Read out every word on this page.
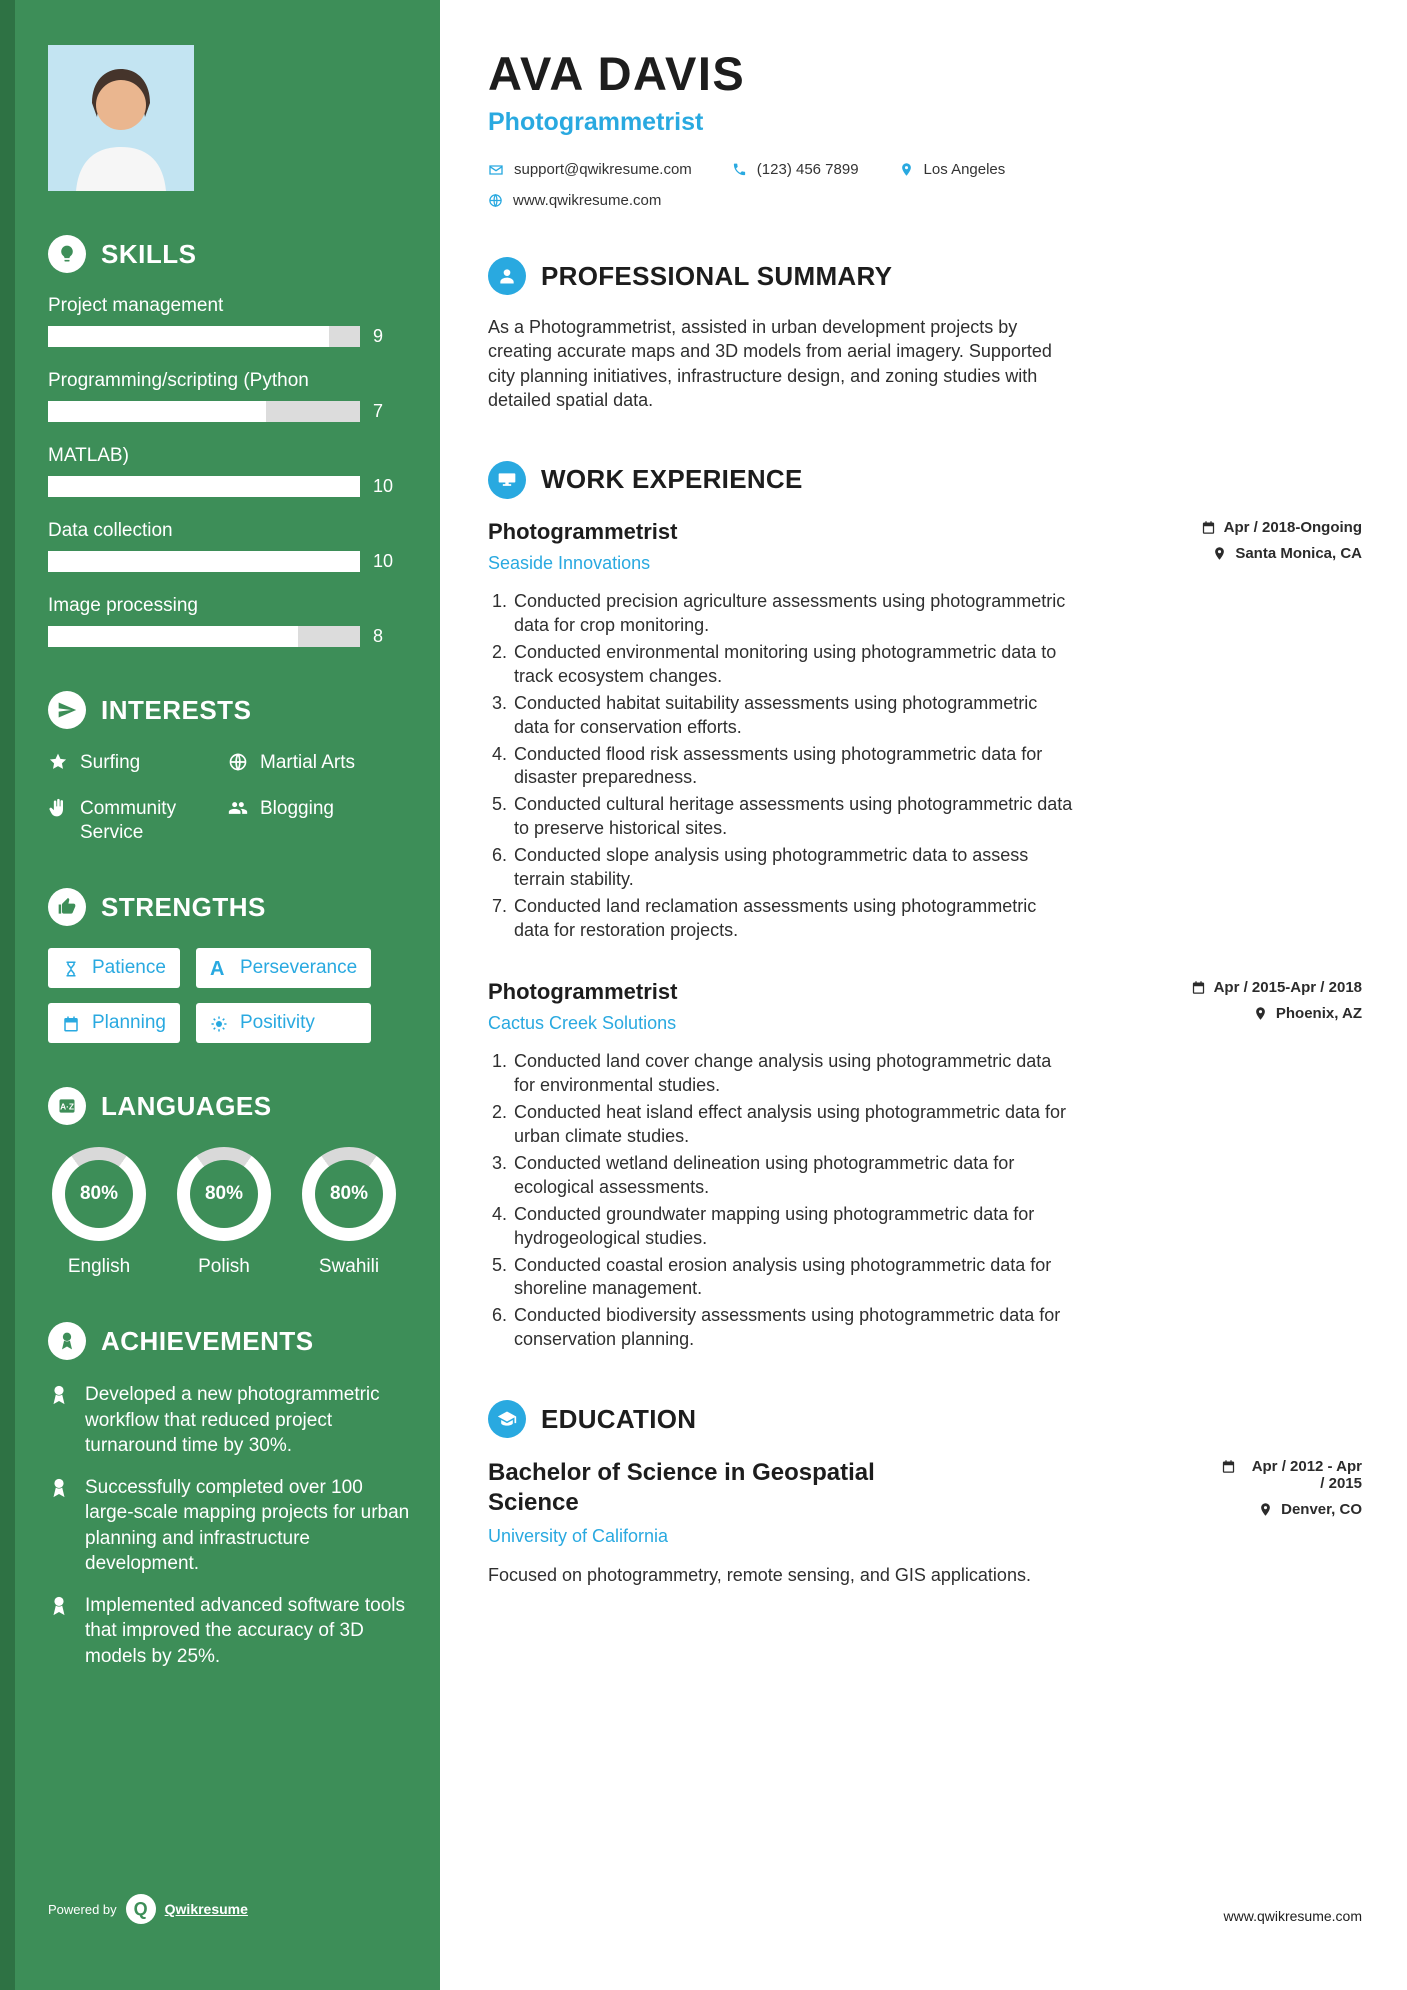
SKILLS
Project management
9
Programming/scripting (Python
7
MATLAB)
10
Data collection
10
Image processing
8
INTERESTS
Surfing	Martial Arts
Community Service
Blogging
STRENGTHS
Patience A Perseverance
Planning	Positivity
A·Z LANGUAGES
80%
English
80%
Polish
80%
Swahili
ACHIEVEMENTS

Developed a new photogrammetric workflow that reduced project turnaround time by 30%.

Successfully completed over 100 large-scale mapping projects for urban planning and infrastructure development.

Implemented advanced software tools that improved the accuracy of 3D models by 25%.

Powered by Q	Qwikresume
AVA DAVIS
Photogrammetrist
support@qwikresume.com	(123) 456 7899	Los Angeles
www.qwikresume.com
PROFESSIONAL SUMMARY

As a Photogrammetrist, assisted in urban development projects by creating accurate maps and 3D models from aerial imagery. Supported city planning initiatives, infrastructure design, and zoning studies with detailed spatial data.

WORK EXPERIENCE
Photogrammetrist
Seaside Innovations
Apr / 2018-Ongoing
Santa Monica, CA
1. Conducted precision agriculture assessments using photogrammetric data for crop monitoring.
2. Conducted environmental monitoring using photogrammetric data to track ecosystem changes.
3. Conducted habitat suitability assessments using photogrammetric data for conservation efforts.
4. Conducted flood risk assessments using photogrammetric data for disaster preparedness.
5. Conducted cultural heritage assessments using photogrammetric data to preserve historical sites.
6. Conducted slope analysis using photogrammetric data to assess terrain stability.
7. Conducted land reclamation assessments using photogrammetric data for restoration projects.
Photogrammetrist
Cactus Creek Solutions
Apr / 2015-Apr / 2018
Phoenix, AZ
1. Conducted land cover change analysis using photogrammetric data for environmental studies.
2. Conducted heat island effect analysis using photogrammetric data for urban climate studies.
3. Conducted wetland delineation using photogrammetric data for ecological assessments.
4. Conducted groundwater mapping using photogrammetric data for hydrogeological studies.
5. Conducted coastal erosion analysis using photogrammetric data for shoreline management.
6. Conducted biodiversity assessments using photogrammetric data for conservation planning.
EDUCATION
Bachelor of Science in Geospatial Science
University of California
Apr / 2012 - Apr / 2015
Denver, CO

Focused on photogrammetry, remote sensing, and GIS applications.

www.qwikresume.com
